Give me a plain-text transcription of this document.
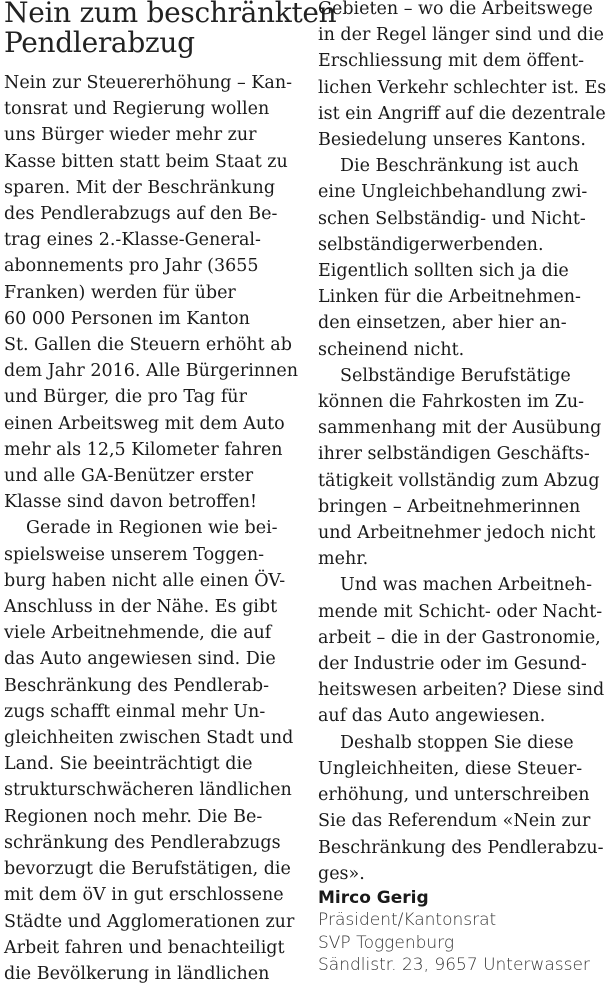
Nein zum beschränkten
Pendlerabzug
Nein zur Steuererhöhung – Kan-
tonsrat und Regierung wollen
uns Bürger wieder mehr zur
Kasse bitten statt beim Staat zu
sparen. Mit der Beschränkung
des Pendlerabzugs auf den Be-
trag eines 2.-Klasse-General-
abonnements pro Jahr (3655
Franken) werden für über
60 000 Personen im Kanton
St. Gallen die Steuern erhöht ab
dem Jahr 2016. Alle Bürgerinnen
und Bürger, die pro Tag für
einen Arbeitsweg mit dem Auto
mehr als 12,5 Kilometer fahren
und alle GA-Benützer erster
Klasse sind davon betroffen!
Gerade in Regionen wie bei-
spielsweise unserem Toggen-
burg haben nicht alle einen ÖV-
Anschluss in der Nähe. Es gibt
viele Arbeitnehmende, die auf
das Auto angewiesen sind. Die
Beschränkung des Pendlerab-
zugs schafft einmal mehr Un-
gleichheiten zwischen Stadt und
Land. Sie beeinträchtigt die
strukturschwächeren ländlichen
Regionen noch mehr. Die Be-
schränkung des Pendlerabzugs
bevorzugt die Berufstätigen, die
mit dem öV in gut erschlossene
Städte und Agglomerationen zur
Arbeit fahren und benachteiligt
die Bevölkerung in ländlichen
Gebieten – wo die Arbeitswege
in der Regel länger sind und die
Erschliessung mit dem öffent-
lichen Verkehr schlechter ist. Es
ist ein Angriff auf die dezentrale
Besiedelung unseres Kantons.
Die Beschränkung ist auch
eine Ungleichbehandlung zwi-
schen Selbständig- und Nicht-
selbständigerwerbenden.
Eigentlich sollten sich ja die
Linken für die Arbeitnehmen-
den einsetzen, aber hier an-
scheinend nicht.
Selbständige Berufstätige
können die Fahrkosten im Zu-
sammenhang mit der Ausübung
ihrer selbständigen Geschäfts-
tätigkeit vollständig zum Abzug
bringen – Arbeitnehmerinnen
und Arbeitnehmer jedoch nicht
mehr.
Und was machen Arbeitneh-
mende mit Schicht- oder Nacht-
arbeit – die in der Gastronomie,
der Industrie oder im Gesund-
heitswesen arbeiten? Diese sind
auf das Auto angewiesen.
Deshalb stoppen Sie diese
Ungleichheiten, diese Steuer-
erhöhung, und unterschreiben
Sie das Referendum «Nein zur
Beschränkung des Pendlerabzu-
ges».
Mirco Gerig
Präsident/Kantonsrat
SVP Toggenburg
Sändlistr. 23, 9657 Unterwasser
